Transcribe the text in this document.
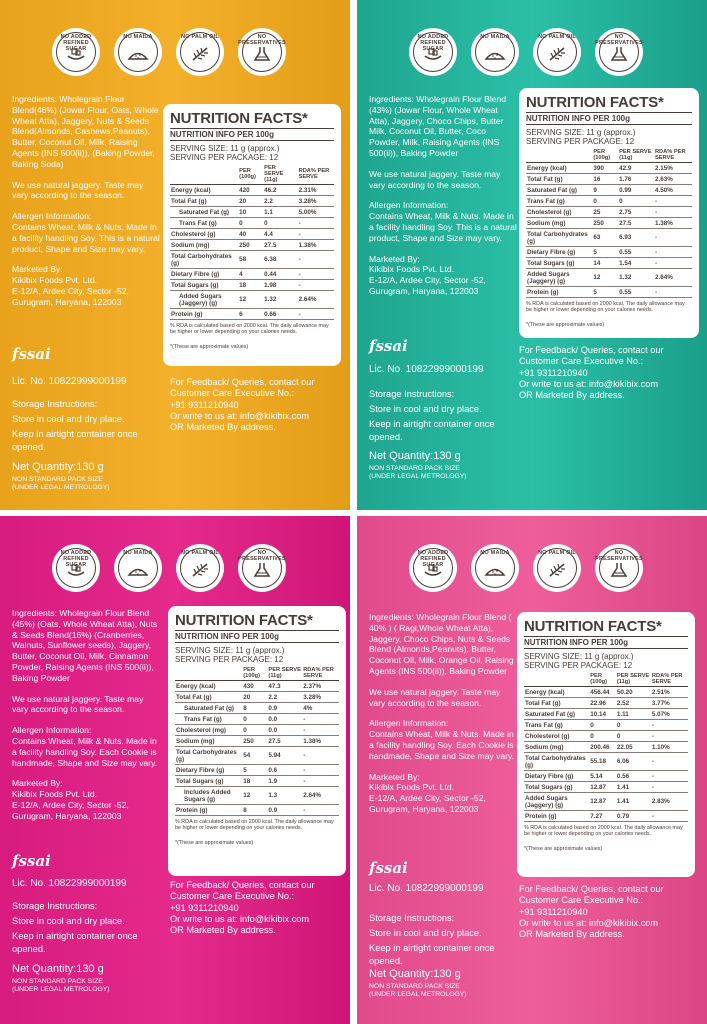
NO ADDED REFINED SUGAR
NO MAIDA	NO PALM OIL	NO PRESERVATIVES

Ingredients: Wholegrain Flour Blend(46%) (Jowar Flour, Oats, Whole Wheat Atta), Jaggery, Nuts & Seeds Blend(Almonds, Cashews,Peanuts), Butter, Coconut Oil, Milk, Raising Agents (INS 500(ii)), (Baking Powder, Baking Soda)

We use natural jaggery. Taste may vary according to the season.

Allergen Information:
Contains Wheat, Milk & Nuts. Made in a facility handling Soy. This is a natural product, Shape and Size may vary.

Marketed By:
Kikibix Foods Pvt. Ltd.
E-12/A, Ardee City, Sector -52,
Gurugram, Haryana, 122003

NUTRITION FACTS*
NUTRITION INFO PER 100g
SERVING SIZE: 11 g (approx.)
SERVING PER PACKAGE: 12
	PER (100g)	PER SERVE (11g)	RDA% PER SERVE
Energy (kcal)	420	46.2	2.31%
Total Fat (g)	20	2.2	3.28%
Saturated Fat (g)	10	1.1	5.00%
Trans Fat (g)	0	0	-
Cholesterol (g)	40	4.4	-
Sodium (mg)	250	27.5	1.38%
Total Carbohydrates (g)	58	6.38	-
Dietary Fibre (g)	4	0.44	-
Total Sugars (g)	18	1.98	-
Added Sugars (Jaggery) (g)	12	1.32	2.64%
Protein (g)	6	0.66	-
% RDA is calculated based on 2000 kcal. The daily allowance may be higher or lower depending on your calories needs.
*(These are approximate values)
fssai
Lic. No. 10822999000199
Storage Instructions:
Store in cool and dry place.
Keep in airtight container once opened.
Net Quantity:130 g
NON STANDARD PACK SIZE
(UNDER LEGAL METROLOGY)
For Feedback/ Queries, contact our Customer Care Executive No.:
+91 9311210940
Or write to us at: info@kikibix.com
OR Marketed By address.
NO ADDED REFINED SUGAR
NO MAIDA	NO PALM OIL	NO PRESERVATIVES

Ingredients: Wholegrain Flour Blend (43%) (Jowar Flour, Whole Wheat Atta), Jaggery, Choco Chips, Butter Milk, Coconut Oil, Butter, Coco Powder, Milk, Raising Agents (INS 500(ii)), Baking Powder

We use natural jaggery. Taste may vary according to the season.

Allergen Information:
Contains Wheat, Milk & Nuts. Made in a facility handling Soy. This is a natural product, Shape and Size may vary.

Marketed By:
Kikibix Foods Pvt. Ltd.
E-12/A, Ardee City, Sector -52,
Gurugram, Haryana, 122003

NUTRITION FACTS*
NUTRITION INFO PER 100g
SERVING SIZE: 11 g (approx.)
SERVING PER PACKAGE: 12
	PER (100g)	PER SERVE (11g)	RDA% PER SERVE
Energy (kcal)	390	42.9	2.15%
Total Fat (g)	16	1.76	2.63%
Saturated Fat (g)	9	0.99	4.50%
Trans Fat (g)	0	0	-
Cholesterol (g)	25	2.75	-
Sodium (mg)	250	27.5	1.38%
Total Carbohydrates (g)	63	6.93	-
Dietary Fibre (g)	5	0.55	-
Total Sugars (g)	14	1.54	-
Added Sugars (Jaggery) (g)	12	1.32	2.64%
Protein (g)	5	0.55	-
% RDA is calculated based on 2000 kcal. The daily allowance may be higher or lower depending on your calories needs.
*(These are approximate values)
fssai
Lic. No. 10822999000199
Storage Instructions:
Store in cool and dry place.
Keep in airtight container once opened.
Net Quantity:130 g
NON STANDARD PACK SIZE
(UNDER LEGAL METROLOGY)
For Feedback/ Queries, contact our Customer Care Executive No.:
+91 9311210940
Or write to us at: info@kikibix.com
OR Marketed By address.
NO ADDED REFINED SUGAR
NO MAIDA	NO PALM OIL	NO PRESERVATIVES

Ingredients: Wholegrain Flour Blend (45%) (Oats, Whole Wheat Atta), Nuts & Seeds Blend(16%) (Cranberries, Walnuts, Sunflower seeds), Jaggery, Butter, Coconut Oil, Milk, Cinnamon Powder, Raising Agents (INS 500(ii)), Baking Powder

We use natural jaggery. Taste may vary according to the season.

Allergen Information:
Contains Wheat, Milk & Nuts. Made in a facility handling Soy. Each Cookie is handmade, Shape and Size may vary.

Marketed By:
Kikibix Foods Pvt. Ltd.
E-12/A, Ardee City, Sector -52,
Gurugram, Haryana, 122003

NUTRITION FACTS*
NUTRITION INFO PER 100g
SERVING SIZE: 11 g (approx.)
SERVING PER PACKAGE: 12
	PER (100g)	PER SERVE (11g)	RDA% PER SERVE
Energy (kcal)	430	47.3	2.37%
Total Fat (g)	20	2.2	3.28%
Saturated Fat (g)	8	0.9	4%
Trans Fat (g)	0	0.0	-
Cholesterol (mg)	0	0.0	-
Sodium (mg)	250	27.5	1.38%
Total Carbohydrates (g)	54	5.94	-
Dietary Fibre (g)	5	0.6	-
Total Sugars (g)	18	1.9	-
Includes Added Sugars (g)	12	1.3	2.64%
Protein (g)	8	0.9	-
% RDA is calculated based on 2000 kcal. The daily allowance may be higher or lower depending on your calories needs.
*(These are approximate values)
fssai
Lic. No. 10822999000199
Storage Instructions:
Store in cool and dry place.
Keep in airtight container once opened.
Net Quantity:130 g
NON STANDARD PACK SIZE
(UNDER LEGAL METROLOGY)
For Feedback/ Queries, contact our Customer Care Executive No.:
+91 9311210940
Or write to us at: info@kikibix.com
OR Marketed By address.
NO ADDED REFINED SUGAR
NO MAIDA	NO PALM OIL	NO PRESERVATIVES

Ingredients: Wholegrain Flour Blend ( 40% ) ( Ragi,Whole Wheat Atta), Jaggery, Choco Chips, Nuts & Seeds Blend (Almonds,Peanuts), Butter, Coconut Oil, Milk, Orange Oil, Raising Agents (INS 500(ii)), Baking Powder

We use natural jaggery. Taste may vary according to the season.

Allergen Information:
Contains Wheat, Milk & Nuts. Made in a facility handling Soy. Each Cookie is handmade, Shape and Size may vary.

Marketed By:
Kikibix Foods Pvt. Ltd.
E-12/A, Ardee City, Sector -52,
Gurugram, Haryana, 122003

NUTRITION FACTS*
NUTRITION INFO PER 100g
SERVING SIZE: 11 g (approx.)
SERVING PER PACKAGE: 12
	PER (100g)	PER SERVE (11g)	RDA% PER SERVE
Energy (kcal)	456.44	50.20	2.51%
Total Fat (g)	22.96	2.52	3.77%
Saturated Fat (g)	10.14	1.11	5.07%
Trans Fat (g)	0	0	-
Cholesterol (g)	0	0	-
Sodium (mg)	200.46	22.05	1.10%
Total Carbohydrates (g)	55.18	6.06	-
Dietary Fibre (g)	5.14	0.56	-
Total Sugars (g)	12.87	1.41	-
Added Sugars (Jaggery) (g)	12.87	1.41	2.83%
Protein (g)	7.27	0.79	-
% RDA is calculated based on 2000 kcal. The daily allowance may be higher or lower depending on your calories needs.
*(These are approximate values)
fssai
Lic. No. 10822999000199
Storage Instructions:
Store in cool and dry place.
Keep in airtight container once opened.
Net Quantity:130 g
NON STANDARD PACK SIZE
(UNDER LEGAL METROLOGY)
For Feedback/ Queries, contact our Customer Care Executive No.:
+91 9311210940
Or write to us at: info@kikibix.com
OR Marketed By address.
